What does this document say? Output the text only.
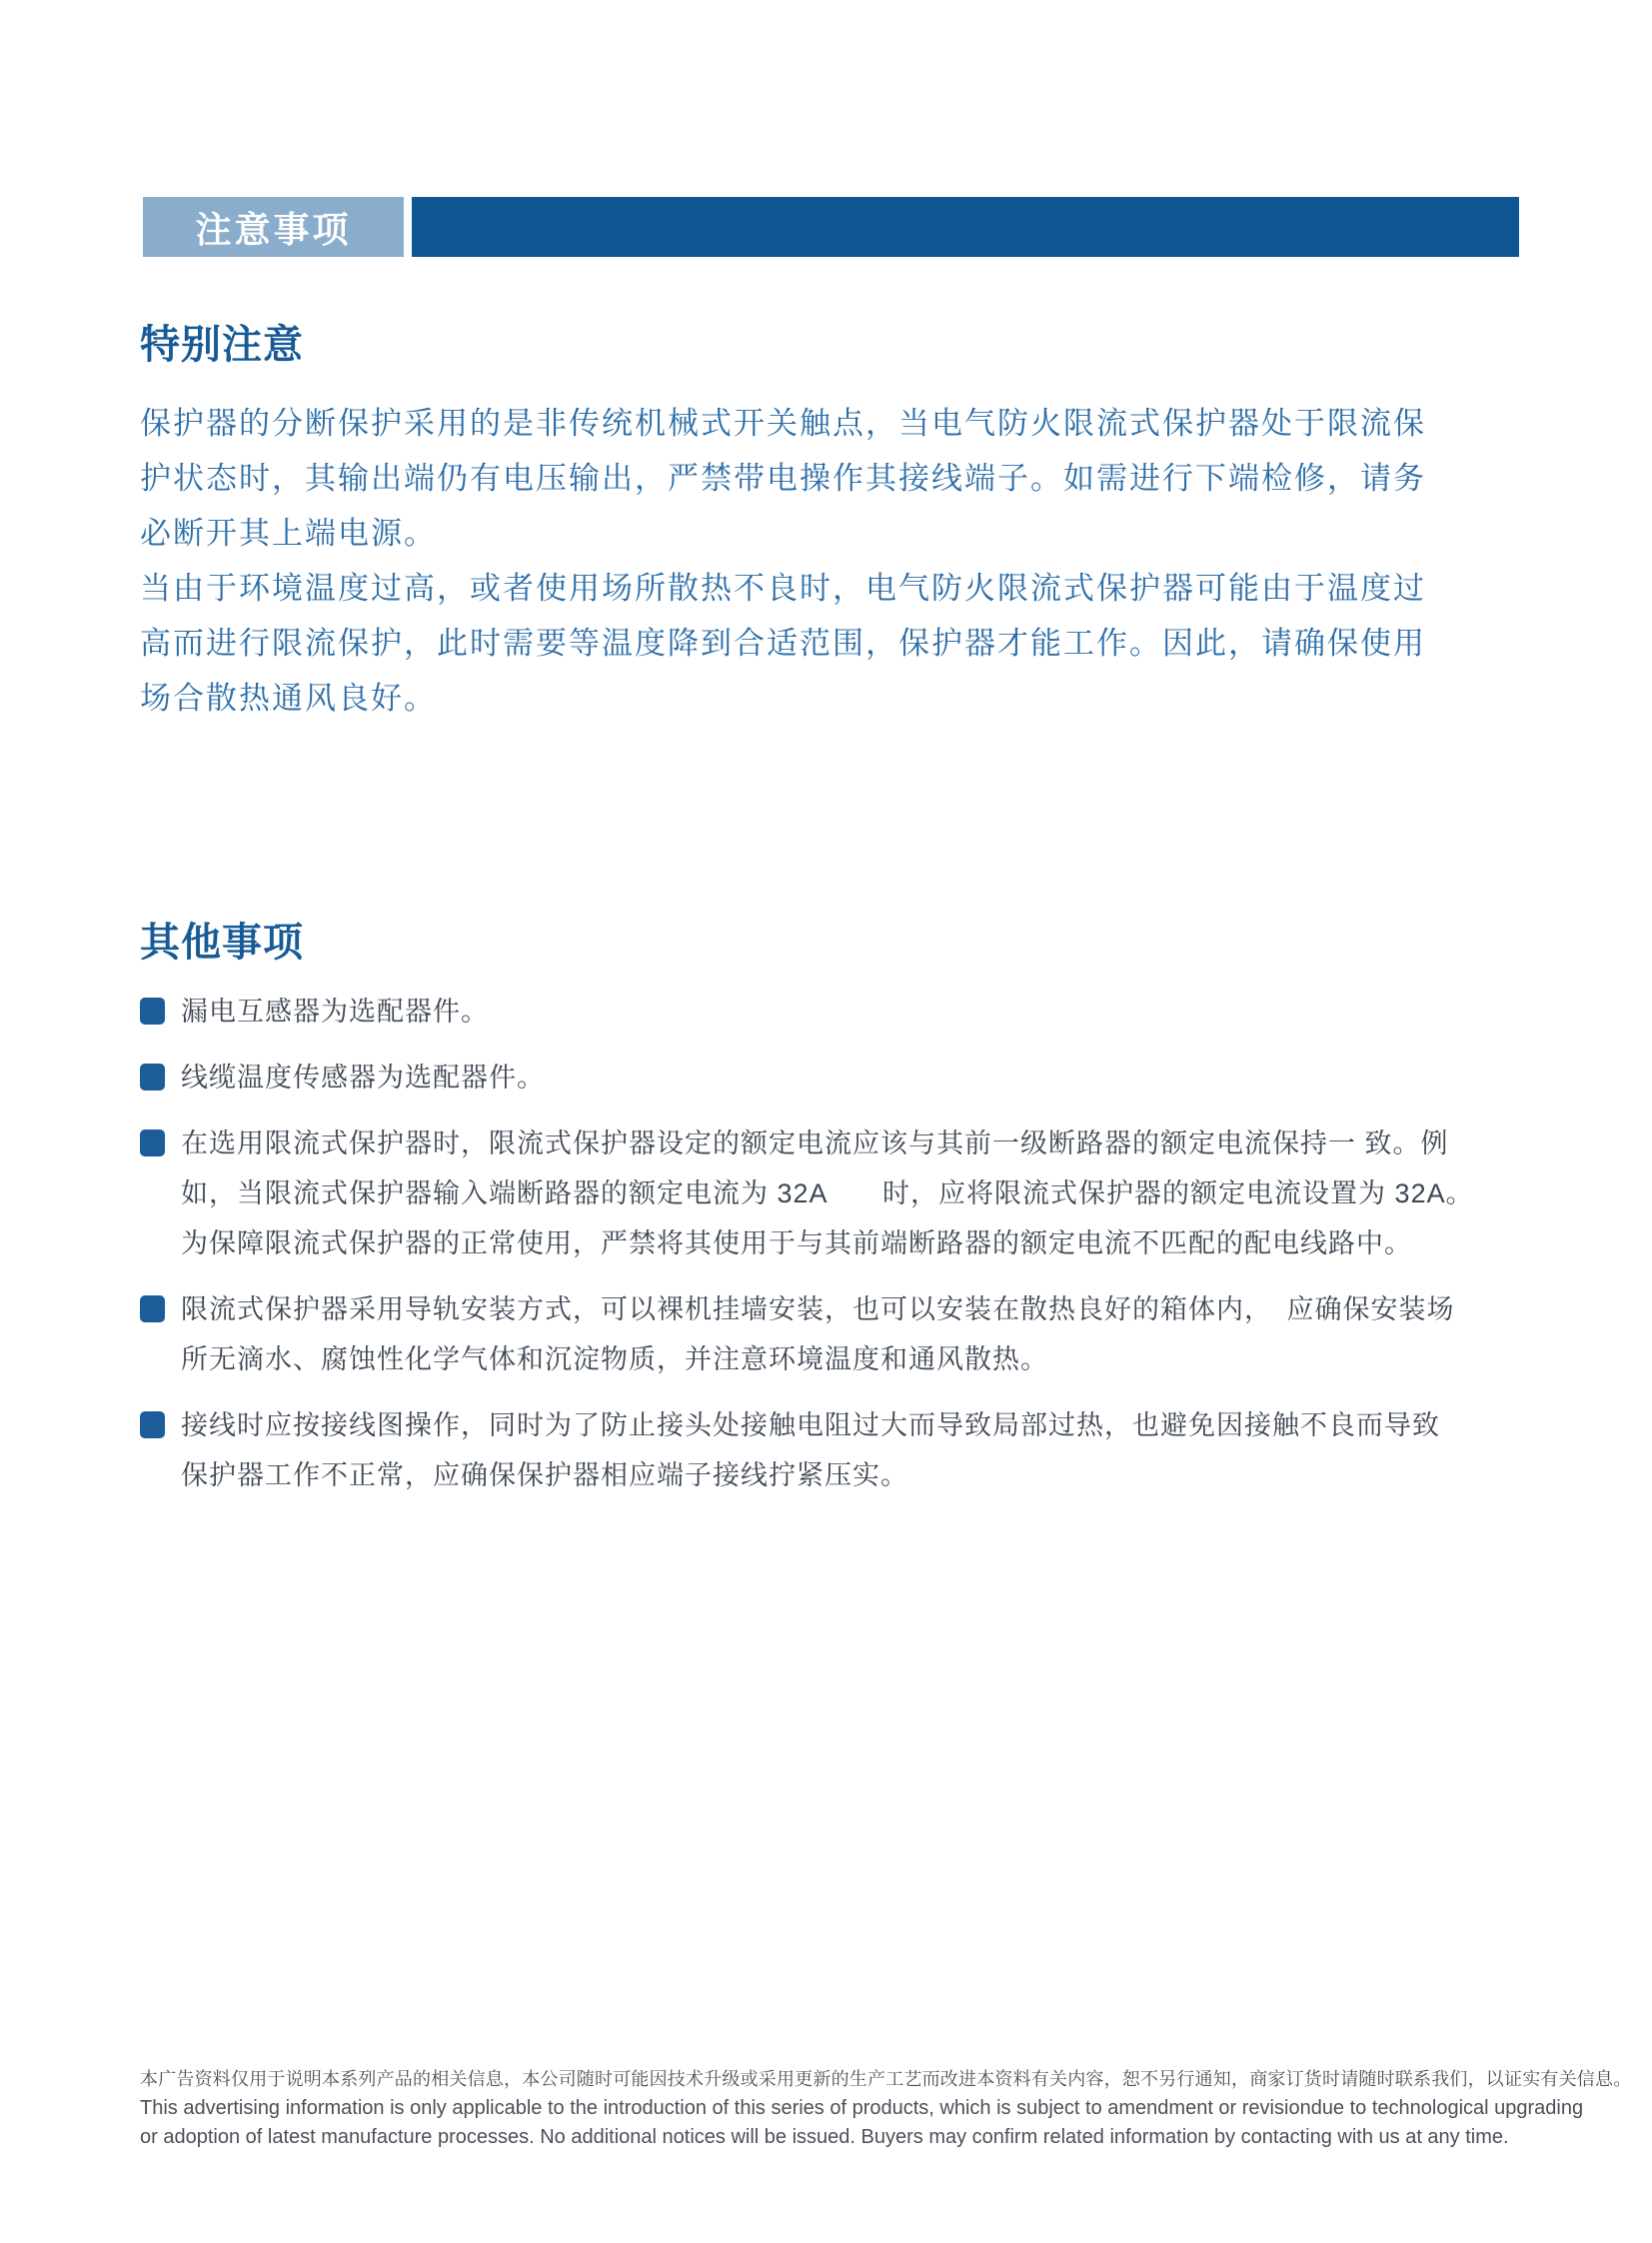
注意事项
特别注意
保护器的分断保护采用的是非传统机械式开关触点，当电气防火限流式保护器处于限流保
护状态时，其输出端仍有电压输出，严禁带电操作其接线端子。如需进行下端检修，请务
必断开其上端电源。
当由于环境温度过高，或者使用场所散热不良时，电气防火限流式保护器可能由于温度过
高而进行限流保护，此时需要等温度降到合适范围，保护器才能工作。因此，请确保使用
场合散热通风良好。
其他事项
漏电互感器为选配器件。
线缆温度传感器为选配器件。
在选用限流式保护器时，限流式保护器设定的额定电流应该与其前一级断路器的额定电流保持一 致。例
如，当限流式保护器输入端断路器的额定电流为 32A　　时，应将限流式保护器的额定电流设置为 32A。
为保障限流式保护器的正常使用，严禁将其使用于与其前端断路器的额定电流不匹配的配电线路中。
限流式保护器采用导轨安装方式，可以裸机挂墙安装，也可以安装在散热良好的箱体内，　应确保安装场
所无滴水、腐蚀性化学气体和沉淀物质，并注意环境温度和通风散热。
接线时应按接线图操作，同时为了防止接头处接触电阻过大而导致局部过热，也避免因接触不良而导致
保护器工作不正常，应确保保护器相应端子接线拧紧压实。
本广告资料仅用于说明本系列产品的相关信息，本公司随时可能因技术升级或采用更新的生产工艺而改进本资料有关内容，恕不另行通知，商家订货时请随时联系我们，以证实有关信息。
This advertising information is only applicable to the introduction of this series of products, which is subject to amendment or revisiondue to technological upgrading
or adoption of latest manufacture processes. No additional notices will be issued. Buyers may confirm related information by contacting with us at any time.
